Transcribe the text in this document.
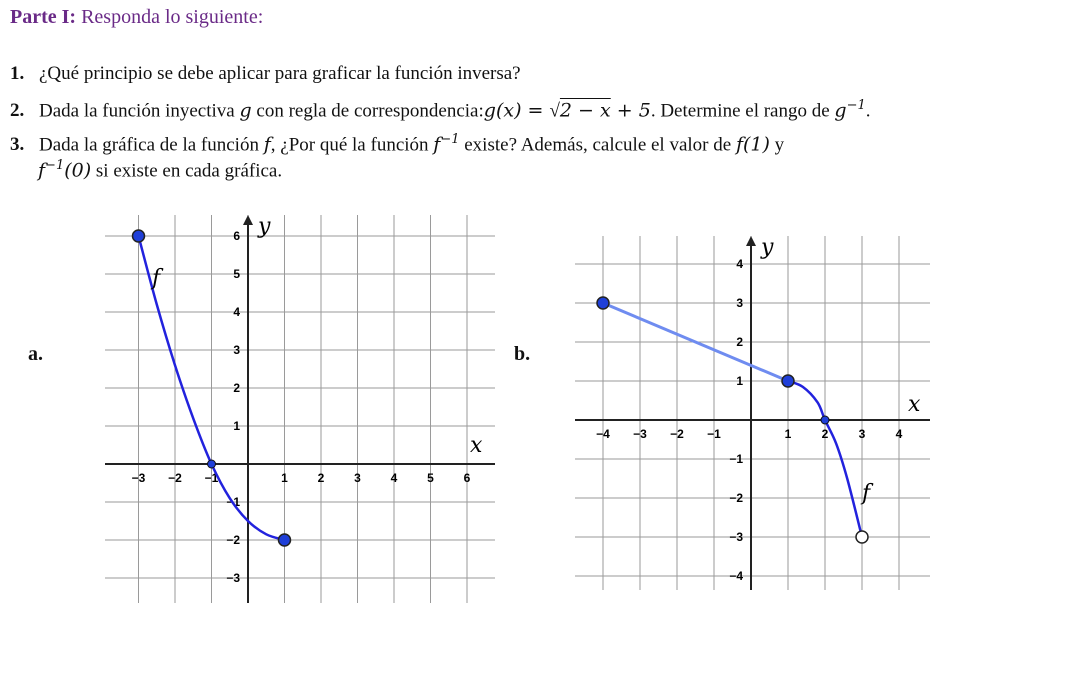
Parte I: Responda lo siguiente:
1. ¿Qué principio se debe aplicar para graficar la función inversa?
2. Dada la función inyectiva g con regla de correspondencia:g(x) = √2 − x + 5. Determine el rango de $g^{-1}$.
3. Dada la gráfica de la función f, ¿Por qué la función $f^{-1}$ existe? Además, calcule el valor de f(1) y
$f^{-1}(0)$ si existe en cada gráfica.
a.	b.
−3 −2 −1	1 2 3 4 5 6
6
5
4
3
2
1
−1
−2
−3
x
y
f
−4 −3 −2 −1	1	2	3	4
4
3
2
1
−1
−2
−3
−4
x
y
f
